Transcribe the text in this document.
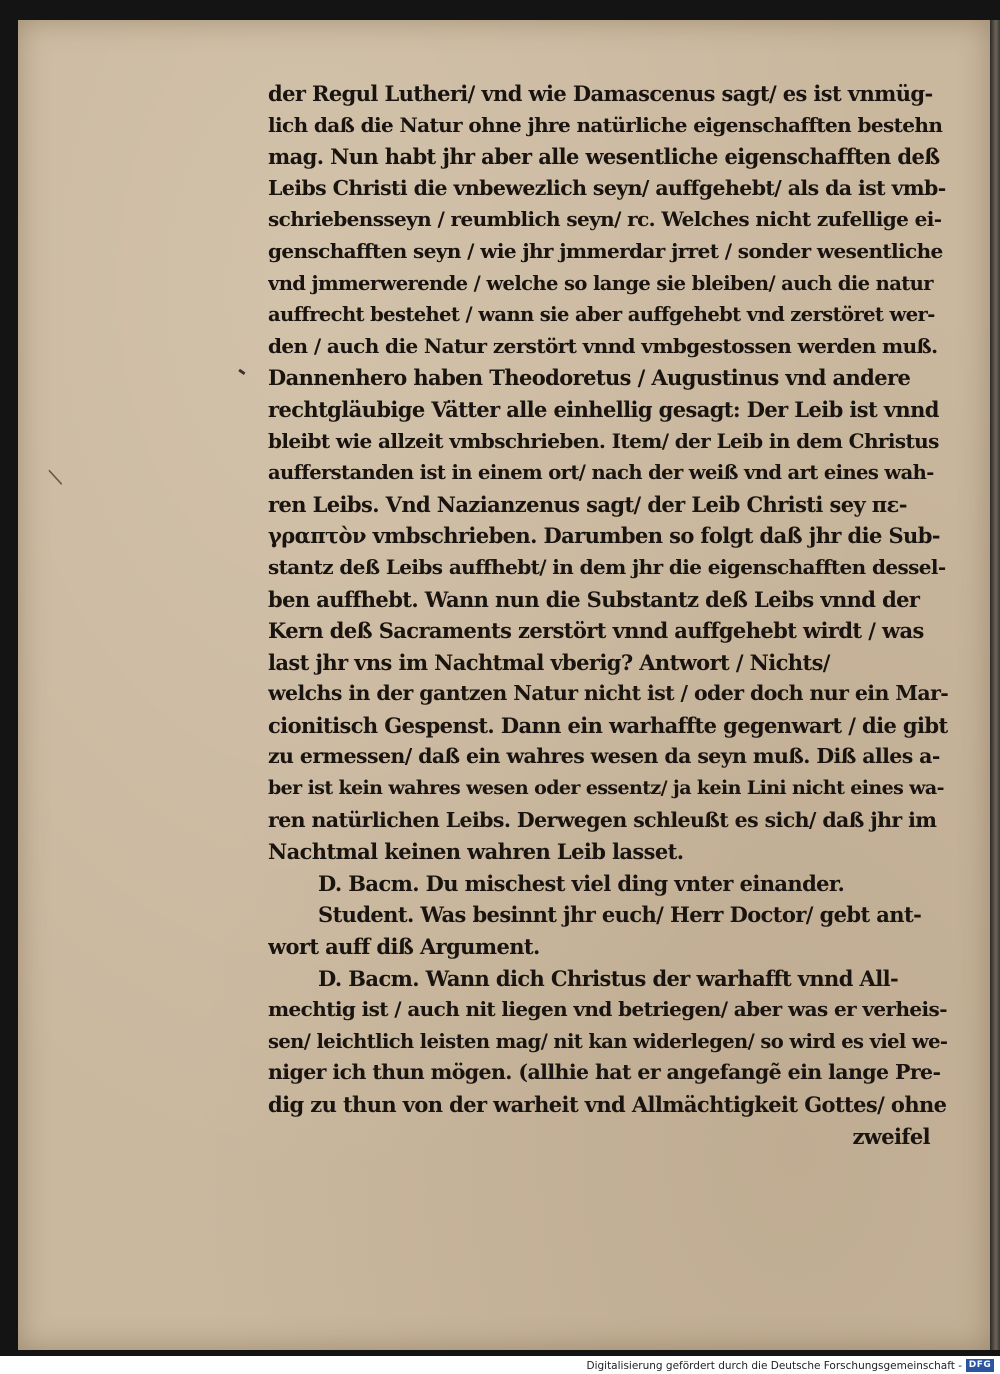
‐
/
der Regul Lutheri/ vnd wie Damascenus sagt/ es ist vnmüg-
lich daß die Natur ohne jhre natürliche eigenschafften bestehn
mag. Nun habt jhr aber alle wesentliche eigenschafften deß
Leibs Christi die vnbewezlich seyn/ auffgehebt/ als da ist vmb-
schriebensseyn / reumblich seyn/ rc. Welches nicht zufellige ei-
genschafften seyn / wie jhr jmmerdar jrret / sonder wesentliche
vnd jmmerwerende / welche so lange sie bleiben/ auch die natur
auffrecht bestehet / wann sie aber auffgehebt vnd zerstöret wer-
den / auch die Natur zerstört vnnd vmbgestossen werden muß.
Dannenhero haben Theodoretus / Augustinus vnd andere
rechtgläubige Vätter alle einhellig gesagt: Der Leib ist vnnd
bleibt wie allzeit vmbschrieben. Item/ der Leib in dem Christus
aufferstanden ist in einem ort/ nach der weiß vnd art eines wah-
ren Leibs. Vnd Nazianzenus sagt/ der Leib Christi sey πε-
γραπτὸν vmbschrieben. Darumben so folgt daß jhr die Sub-
stantz deß Leibs auffhebt/ in dem jhr die eigenschafften dessel-
ben auffhebt. Wann nun die Substantz deß Leibs vnnd der
Kern deß Sacraments zerstört vnnd auffgehebt wirdt / was
last jhr vns im Nachtmal vberig? Antwort / Nichts/
welchs in der gantzen Natur nicht ist / oder doch nur ein Mar-
cionitisch Gespenst. Dann ein warhaffte gegenwart / die gibt
zu ermessen/ daß ein wahres wesen da seyn muß. Diß alles a-
ber ist kein wahres wesen oder essentz/ ja kein Lini nicht eines wa-
ren natürlichen Leibs. Derwegen schleußt es sich/ daß jhr im
Nachtmal keinen wahren Leib lasset.
D. Bacm. Du mischest viel ding vnter einander.
Student. Was besinnt jhr euch/ Herr Doctor/ gebt ant-
wort auff diß Argument.
D. Bacm. Wann dich Christus der warhafft vnnd All-
mechtig ist / auch nit liegen vnd betriegen/ aber was er verheis-
sen/ leichtlich leisten mag/ nit kan widerlegen/ so wird es viel we-
niger ich thun mögen. (allhie hat er angefangẽ ein lange Pre-
dig zu thun von der warheit vnd Allmächtigkeit Gottes/ ohne
zweifel
Digitalisierung gefördert durch die Deutsche Forschungsgemeinschaft - DFG
